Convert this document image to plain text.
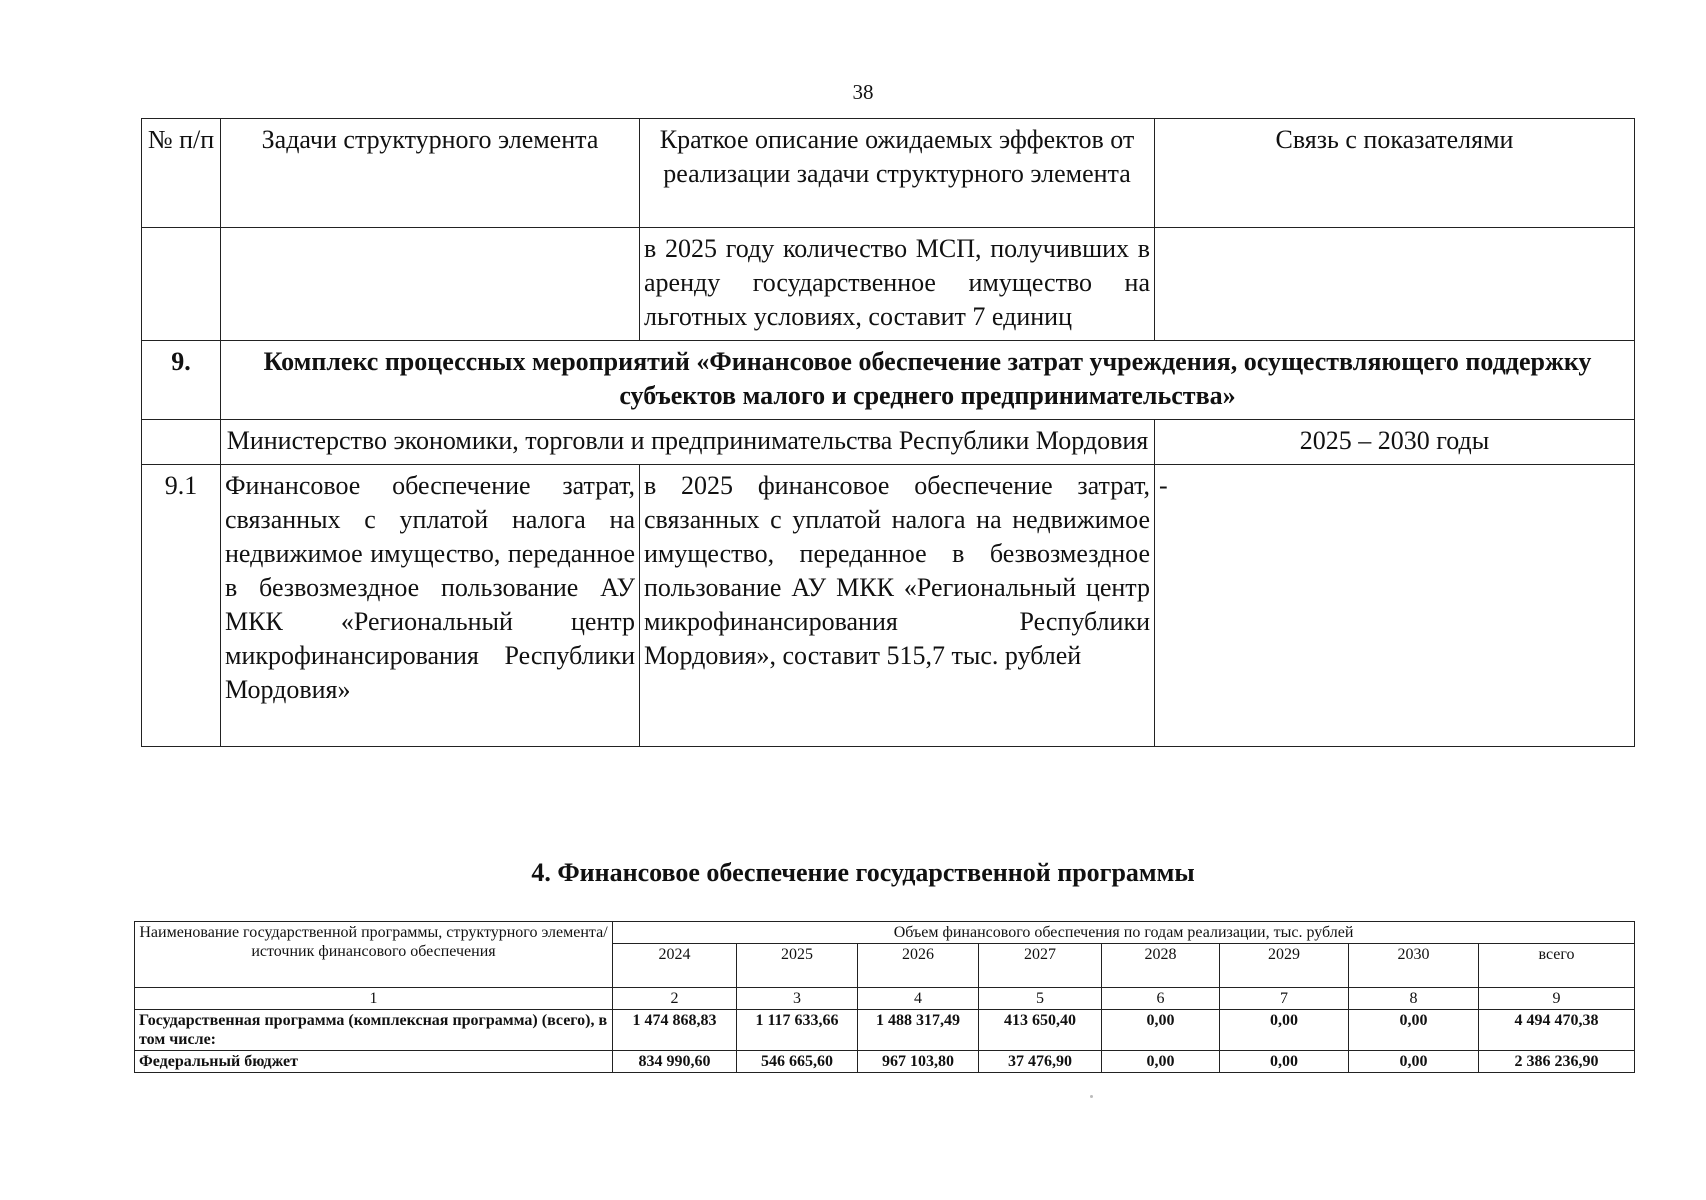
38
№ п/п	Задачи структурного элемента	Краткое описание ожидаемых эффектов от реализации задачи структурного элемента	Связь с показателями
		в 2025 году количество МСП, получивших в аренду государственное имущество на льготных условиях, составит 7 единиц	
9.	Комплекс процессных мероприятий «Финансовое обеспечение затрат учреждения, осуществляющего поддержку субъектов малого и среднего предпринимательства»		
	Министерство экономики, торговли и предпринимательства Республики Мордовия		2025 – 2030 годы
9.1	Финансовое обеспечение затрат, связанных с уплатой налога на недвижимое имущество, переданное в безвозмездное пользование АУ МКК «Региональный центр микрофинансирования Республики Мордовия»	в 2025 финансовое обеспечение затрат, связанных с уплатой налога на недвижимое имущество, переданное в безвозмездное пользование АУ МКК «Региональный центр микрофинансирования Республики Мордовия», составит 515,7 тыс. рублей	-
4. Финансовое обеспечение государственной программы
Наименование государственной программы, структурного элемента/ источник финансового обеспечения	Объем финансового обеспечения по годам реализации, тыс. рублей							
	2024	2025	2026	2027	2028	2029	2030	всего
1	2	3	4	5	6	7	8	9
Государственная программа (комплексная программа) (всего), в том числе:	1 474 868,83	1 117 633,66	1 488 317,49	413 650,40	0,00	0,00	0,00	4 494 470,38
Федеральный бюджет	834 990,60	546 665,60	967 103,80	37 476,90	0,00	0,00	0,00	2 386 236,90
